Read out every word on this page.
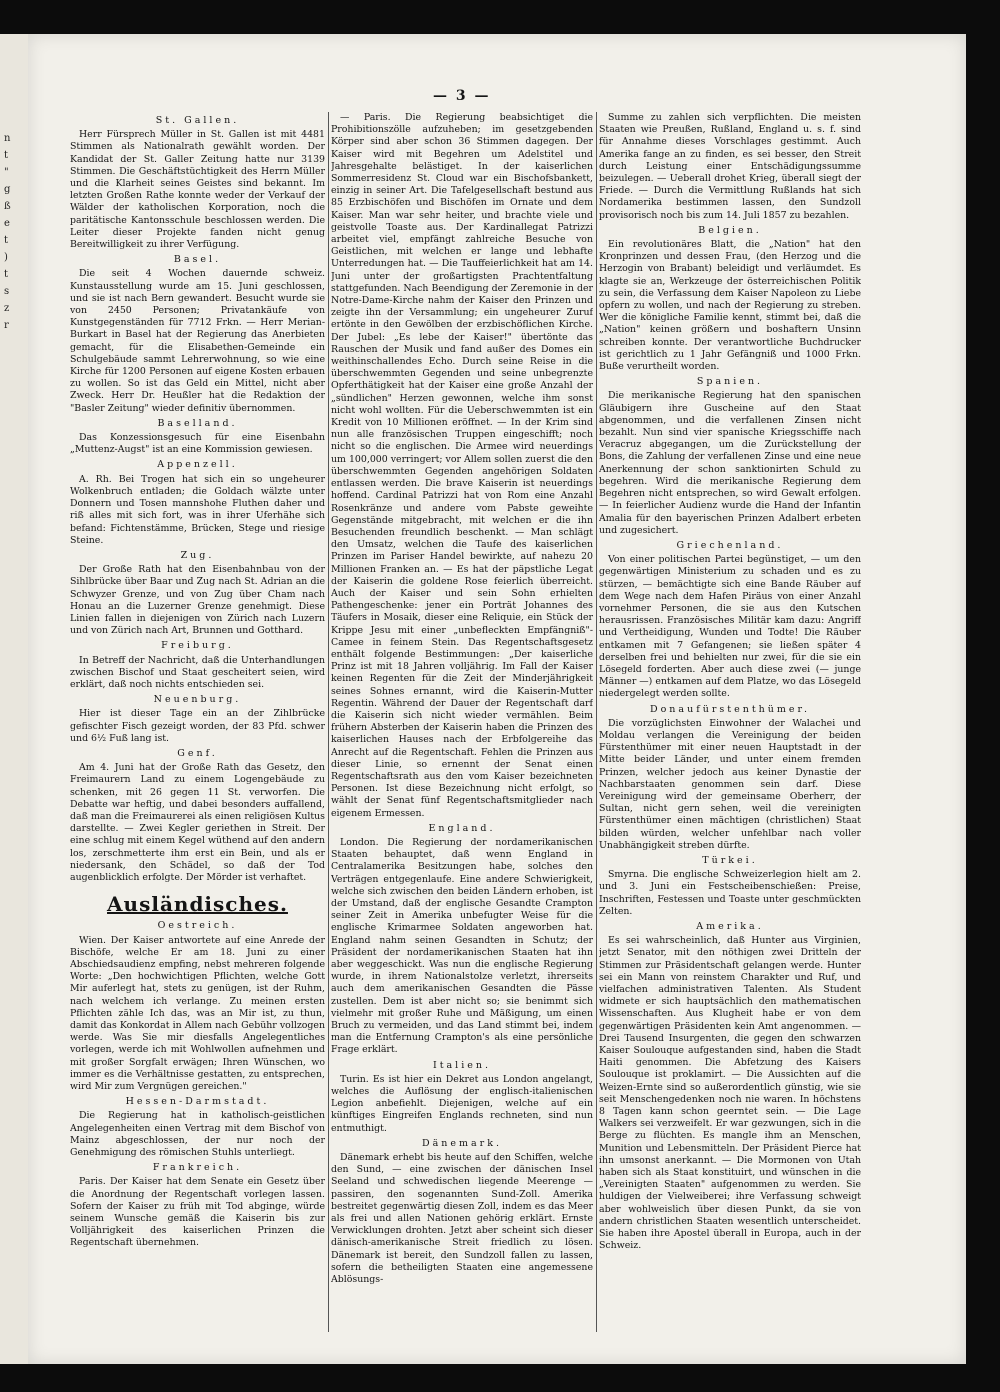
n
t
"
g
ß
e
t
)
t
s
z
r
— 3 —
St. Gallen.

Herr Fürsprech Müller in St. Gallen ist mit 4481 Stimmen als Nationalrath gewählt worden. Der Kandidat der St. Galler Zeitung hatte nur 3139 Stimmen. Die Geschäftstüchtigkeit des Herrn Müller und die Klarheit seines Geistes sind bekannt. Im letzten Großen Rathe konnte weder der Verkauf der Wälder der katholischen Korporation, noch die paritätische Kantonsschule beschlossen werden. Die Leiter dieser Projekte fanden nicht genug Bereitwilligkeit zu ihrer Verfügung.

Basel.

Die seit 4 Wochen dauernde schweiz. Kunstausstellung wurde am 15. Juni geschlossen, und sie ist nach Bern gewandert. Besucht wurde sie von 2450 Personen; Privatankäufe von Kunstgegenständen für 7712 Frkn. — Herr Merian-Burkart in Basel hat der Regierung das Anerbieten gemacht, für die Elisabethen-Gemeinde ein Schulgebäude sammt Lehrerwohnung, so wie eine Kirche für 1200 Personen auf eigene Kosten erbauen zu wollen. So ist das Geld ein Mittel, nicht aber Zweck. Herr Dr. Heußler hat die Redaktion der "Basler Zeitung" wieder definitiv übernommen.

Baselland.

Das Konzessionsgesuch für eine Eisenbahn „Muttenz-Augst" ist an eine Kommission gewiesen.

Appenzell.

A. Rh. Bei Trogen hat sich ein so ungeheurer Wolkenbruch entladen; die Goldach wälzte unter Donnern und Tosen mannshohe Fluthen daher und riß alles mit sich fort, was in ihrer Uferhähe sich befand: Fichtenstämme, Brücken, Stege und riesige Steine.

Zug.

Der Große Rath hat den Eisenbahnbau von der Sihlbrücke über Baar und Zug nach St. Adrian an die Schwyzer Grenze, und von Zug über Cham nach Honau an die Luzerner Grenze genehmigt. Diese Linien fallen in diejenigen von Zürich nach Luzern und von Zürich nach Art, Brunnen und Gotthard.

Freiburg.

In Betreff der Nachricht, daß die Unterhandlungen zwischen Bischof und Staat gescheitert seien, wird erklärt, daß noch nichts entschieden sei.

Neuenburg.

Hier ist dieser Tage ein an der Zihlbrücke gefischter Fisch gezeigt worden, der 83 Pfd. schwer und 6½ Fuß lang ist.

Genf.

Am 4. Juni hat der Große Rath das Gesetz, den Freimaurern Land zu einem Logengebäude zu schenken, mit 26 gegen 11 St. verworfen. Die Debatte war heftig, und dabei besonders auffallend, daß man die Freimaurerei als einen religiösen Kultus darstellte. — Zwei Kegler geriethen in Streit. Der eine schlug mit einem Kegel wüthend auf den andern los, zerschmetterte ihm erst ein Bein, und als er niedersank, den Schädel, so daß der Tod augenblicklich erfolgte. Der Mörder ist verhaftet.

Ausländisches.
Oestreich.

Wien. Der Kaiser antwortete auf eine Anrede der Bischöfe, welche Er am 18. Juni zu einer Abschiedsaudienz empfing, nebst mehreren folgende Worte: „Den hochwichtigen Pflichten, welche Gott Mir auferlegt hat, stets zu genügen, ist der Ruhm, nach welchem ich verlange. Zu meinen ersten Pflichten zähle Ich das, was an Mir ist, zu thun, damit das Konkordat in Allem nach Gebühr vollzogen werde. Was Sie mir diesfalls Angelegentliches vorlegen, werde ich mit Wohlwollen aufnehmen und mit großer Sorgfalt erwägen; Ihren Wünschen, wo immer es die Verhältnisse gestatten, zu entsprechen, wird Mir zum Vergnügen gereichen."

Hessen-Darmstadt.

Die Regierung hat in katholisch-geistlichen Angelegenheiten einen Vertrag mit dem Bischof von Mainz abgeschlossen, der nur noch der Genehmigung des römischen Stuhls unterliegt.

Frankreich.

Paris. Der Kaiser hat dem Senate ein Gesetz über die Anordnung der Regentschaft vorlegen lassen. Sofern der Kaiser zu früh mit Tod abginge, würde seinem Wunsche gemäß die Kaiserin bis zur Volljährigkeit des kaiserlichen Prinzen die Regentschaft übernehmen.

— Paris. Die Regierung beabsichtiget die Prohibitionszölle aufzuheben; im gesetzgebenden Körper sind aber schon 36 Stimmen dagegen. Der Kaiser wird mit Begehren um Adelstitel und Jahresgehalte belästiget. In der kaiserlichen Sommerresidenz St. Cloud war ein Bischofsbankett, einzig in seiner Art. Die Tafelgesellschaft bestund aus 85 Erzbischöfen und Bischöfen im Ornate und dem Kaiser. Man war sehr heiter, und brachte viele und geistvolle Toaste aus. Der Kardinallegat Patrizzi arbeitet viel, empfängt zahlreiche Besuche von Geistlichen, mit welchen er lange und lebhafte Unterredungen hat. — Die Tauffeierlichkeit hat am 14. Juni unter der großartigsten Prachtentfaltung stattgefunden. Nach Beendigung der Zeremonie in der Notre-Dame-Kirche nahm der Kaiser den Prinzen und zeigte ihn der Versammlung; ein ungeheurer Zuruf ertönte in den Gewölben der erzbischöflichen Kirche. Der Jubel: „Es lebe der Kaiser!" übertönte das Rauschen der Musik und fand außer des Domes ein weithinschallendes Echo. Durch seine Reise in die überschwemmten Gegenden und seine unbegrenzte Opferthätigkeit hat der Kaiser eine große Anzahl der „sündlichen" Herzen gewonnen, welche ihm sonst nicht wohl wollten. Für die Ueberschwemmten ist ein Kredit von 10 Millionen eröffnet. — In der Krim sind nun alle französischen Truppen eingeschifft; noch nicht so die englischen. Die Armee wird neuerdings um 100,000 verringert; vor Allem sollen zuerst die den überschwemmten Gegenden angehörigen Soldaten entlassen werden. Die brave Kaiserin ist neuerdings hoffend. Cardinal Patrizzi hat von Rom eine Anzahl Rosenkränze und andere vom Pabste geweihte Gegenstände mitgebracht, mit welchen er die ihn Besuchenden freundlich beschenkt. — Man schlägt den Umsatz, welchen die Taufe des kaiserlichen Prinzen im Pariser Handel bewirkte, auf nahezu 20 Millionen Franken an. — Es hat der päpstliche Legat der Kaiserin die goldene Rose feierlich überreicht. Auch der Kaiser und sein Sohn erhielten Pathengeschenke: jener ein Porträt Johannes des Täufers in Mosaik, dieser eine Reliquie, ein Stück der Krippe Jesu mit einer „unbefleckten Empfängniß"-Camee in feinem Stein. Das Regentschaftsgesetz enthält folgende Bestimmungen: „Der kaiserliche Prinz ist mit 18 Jahren volljährig. Im Fall der Kaiser keinen Regenten für die Zeit der Minderjährigkeit seines Sohnes ernannt, wird die Kaiserin-Mutter Regentin. Während der Dauer der Regentschaft darf die Kaiserin sich nicht wieder vermählen. Beim frühern Absterben der Kaiserin haben die Prinzen des kaiserlichen Hauses nach der Erbfolgereihe das Anrecht auf die Regentschaft. Fehlen die Prinzen aus dieser Linie, so ernennt der Senat einen Regentschaftsrath aus den vom Kaiser bezeichneten Personen. Ist diese Bezeichnung nicht erfolgt, so wählt der Senat fünf Regentschaftsmitglieder nach eigenem Ermessen.

England.

London. Die Regierung der nordamerikanischen Staaten behauptet, daß wenn England in Centralamerika Besitzungen habe, solches den Verträgen entgegenlaufe. Eine andere Schwierigkeit, welche sich zwischen den beiden Ländern erhoben, ist der Umstand, daß der englische Gesandte Crampton seiner Zeit in Amerika unbefugter Weise für die englische Krimarmee Soldaten angeworben hat. England nahm seinen Gesandten in Schutz; der Präsident der nordamerikanischen Staaten hat ihn aber weggeschickt. Was nun die englische Regierung wurde, in ihrem Nationalstolze verletzt, ihrerseits auch dem amerikanischen Gesandten die Pässe zustellen. Dem ist aber nicht so; sie benimmt sich vielmehr mit großer Ruhe und Mäßigung, um einen Bruch zu vermeiden, und das Land stimmt bei, indem man die Entfernung Crampton's als eine persönliche Frage erklärt.

Italien.

Turin. Es ist hier ein Dekret aus London angelangt, welches die Auflösung der englisch-italienischen Legion anbefiehlt. Diejenigen, welche auf ein künftiges Eingreifen Englands rechneten, sind nun entmuthigt.

Dänemark.

Dänemark erhebt bis heute auf den Schiffen, welche den Sund, — eine zwischen der dänischen Insel Seeland und schwedischen liegende Meerenge — passiren, den sogenannten Sund-Zoll. Amerika bestreitet gegenwärtig diesen Zoll, indem es das Meer als frei und allen Nationen gehörig erklärt. Ernste Verwicklungen drohten. Jetzt aber scheint sich dieser dänisch-amerikanische Streit friedlich zu lösen. Dänemark ist bereit, den Sundzoll fallen zu lassen, sofern die betheiligten Staaten eine angemessene Ablösungs-

Summe zu zahlen sich verpflichten. Die meisten Staaten wie Preußen, Rußland, England u. s. f. sind für Annahme dieses Vorschlages gestimmt. Auch Amerika fange an zu finden, es sei besser, den Streit durch Leistung einer Entschädigungssumme beizulegen. — Ueberall drohet Krieg, überall siegt der Friede. — Durch die Vermittlung Rußlands hat sich Nordamerika bestimmen lassen, den Sundzoll provisorisch noch bis zum 14. Juli 1857 zu bezahlen.

Belgien.

Ein revolutionäres Blatt, die „Nation" hat den Kronprinzen und dessen Frau, (den Herzog und die Herzogin von Brabant) beleidigt und verläumdet. Es klagte sie an, Werkzeuge der österreichischen Politik zu sein, die Verfassung dem Kaiser Napoleon zu Liebe opfern zu wollen, und nach der Regierung zu streben. Wer die königliche Familie kennt, stimmt bei, daß die „Nation" keinen größern und boshaftern Unsinn schreiben konnte. Der verantwortliche Buchdrucker ist gerichtlich zu 1 Jahr Gefängniß und 1000 Frkn. Buße verurtheilt worden.

Spanien.

Die merikanische Regierung hat den spanischen Gläubigern ihre Guscheine auf den Staat abgenommen, und die verfallenen Zinsen nicht bezahlt. Nun sind vier spanische Kriegsschiffe nach Veracruz abgegangen, um die Zurückstellung der Bons, die Zahlung der verfallenen Zinse und eine neue Anerkennung der schon sanktionirten Schuld zu begehren. Wird die merikanische Regierung dem Begehren nicht entsprechen, so wird Gewalt erfolgen. — In feierlicher Audienz wurde die Hand der Infantin Amalia für den bayerischen Prinzen Adalbert erbeten und zugesichert.

Griechenland.

Von einer politischen Partei begünstiget, — um den gegenwärtigen Ministerium zu schaden und es zu stürzen, — bemächtigte sich eine Bande Räuber auf dem Wege nach dem Hafen Piräus von einer Anzahl vornehmer Personen, die sie aus den Kutschen herausrissen. Französisches Militär kam dazu: Angriff und Vertheidigung, Wunden und Todte! Die Räuber entkamen mit 7 Gefangenen; sie ließen später 4 derselben frei und behielten nur zwei, für die sie ein Lösegeld forderten. Aber auch diese zwei (— junge Männer —) entkamen auf dem Platze, wo das Lösegeld niedergelegt werden sollte.

Donaufürstenthümer.

Die vorzüglichsten Einwohner der Walachei und Moldau verlangen die Vereinigung der beiden Fürstenthümer mit einer neuen Hauptstadt in der Mitte beider Länder, und unter einem fremden Prinzen, welcher jedoch aus keiner Dynastie der Nachbarstaaten genommen sein darf. Diese Vereinigung wird der gemeinsame Oberherr, der Sultan, nicht gern sehen, weil die vereinigten Fürstenthümer einen mächtigen (christlichen) Staat bilden würden, welcher unfehlbar nach voller Unabhängigkeit streben dürfte.

Türkei.

Smyrna. Die englische Schweizerlegion hielt am 2. und 3. Juni ein Festscheibenschießen: Preise, Inschriften, Festessen und Toaste unter geschmückten Zelten.

Amerika.

Es sei wahrscheinlich, daß Hunter aus Virginien, jetzt Senator, mit den nöthigen zwei Dritteln der Stimmen zur Präsidentschaft gelangen werde. Hunter sei ein Mann von reinstem Charakter und Ruf, und vielfachen administrativen Talenten. Als Student widmete er sich hauptsächlich den mathematischen Wissenschaften. Aus Klugheit habe er von dem gegenwärtigen Präsidenten kein Amt angenommen. — Drei Tausend Insurgenten, die gegen den schwarzen Kaiser Soulouque aufgestanden sind, haben die Stadt Haiti genommen. Die Abfetzung des Kaisers Soulouque ist proklamirt. — Die Aussichten auf die Weizen-Ernte sind so außerordentlich günstig, wie sie seit Menschengedenken noch nie waren. In höchstens 8 Tagen kann schon geerntet sein. — Die Lage Walkers sei verzweifelt. Er war gezwungen, sich in die Berge zu flüchten. Es mangle ihm an Menschen, Munition und Lebensmitteln. Der Präsident Pierce hat ihn umsonst anerkannt. — Die Mormonen von Utah haben sich als Staat konstituirt, und wünschen in die „Vereinigten Staaten" aufgenommen zu werden. Sie huldigen der Vielweiberei; ihre Verfassung schweigt aber wohlweislich über diesen Punkt, da sie von andern christlichen Staaten wesentlich unterscheidet. Sie haben ihre Apostel überall in Europa, auch in der Schweiz.
